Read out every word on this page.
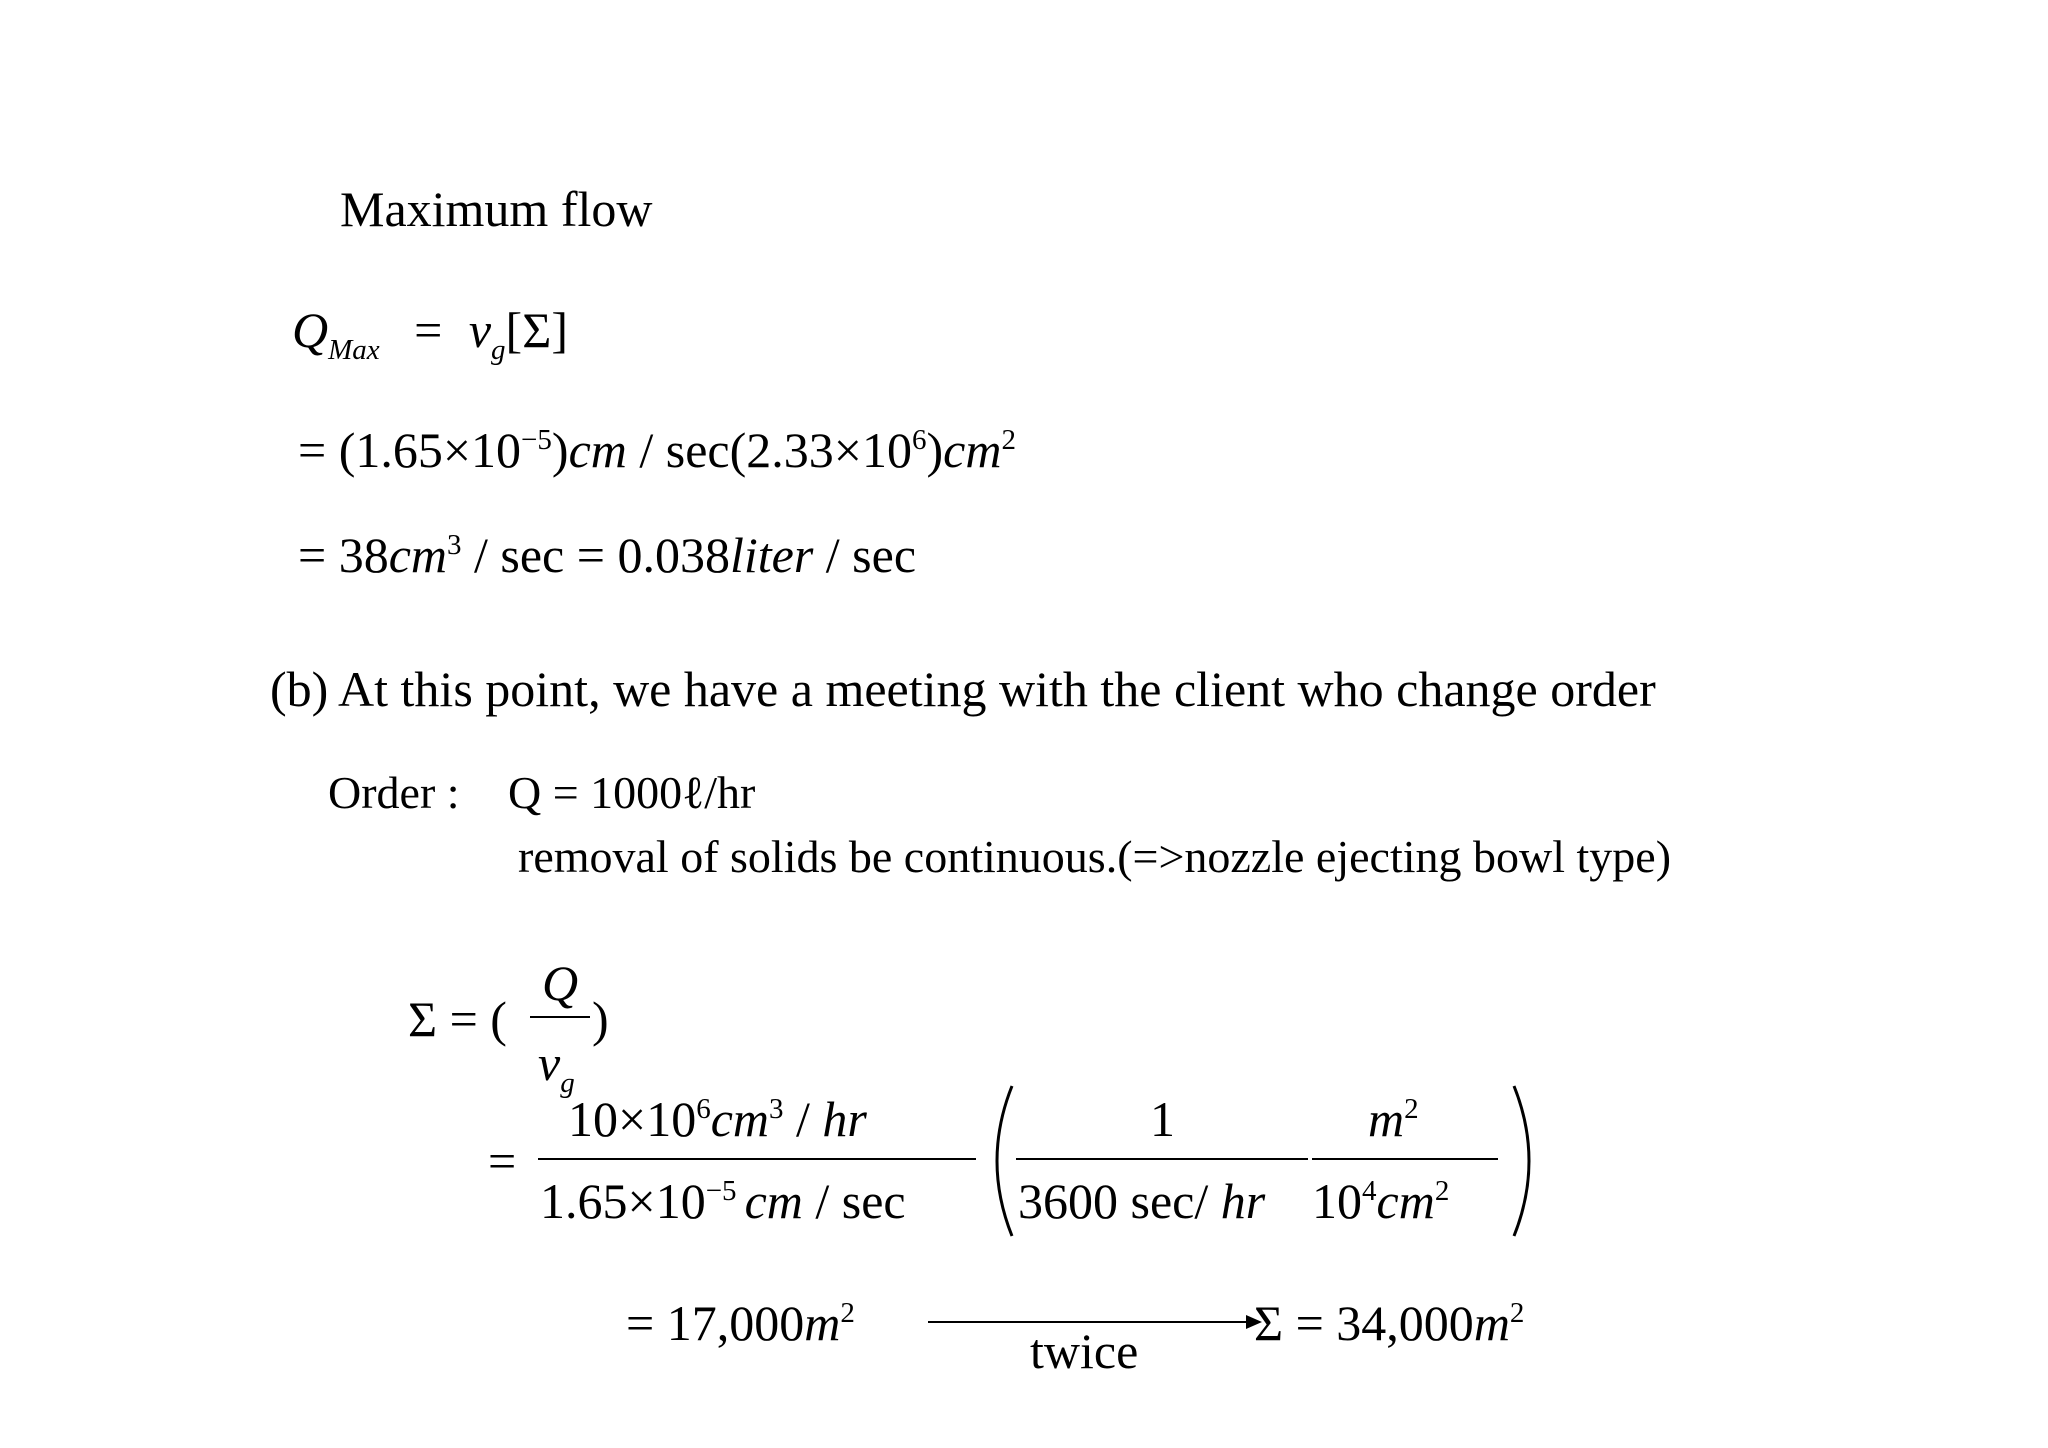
Maximum flow
$Q_{Max} = v_g[\Sigma]$
= $(1.65\times 10^{-5})cm / \sec(2.33\times 10^6)cm^2$
= $38cm^3$ / sec = 0.038liter / sec
(b) At this point, we have a meeting with the client who change order
Order : Q = 1000ℓ/hr
removal of solids be continuous.(=>nozzle ejecting bowl type)
Σ = (
Q
$v_g$
)
=
$10\times 10^6cm^3$ / hr
$1.65\times 10^{-5}$ cm / sec
1
3600 sec/ hr
$m^2$
$10^4cm^2$
= $17,000m^2$
twice $\Sigma = 34,000m^2$
